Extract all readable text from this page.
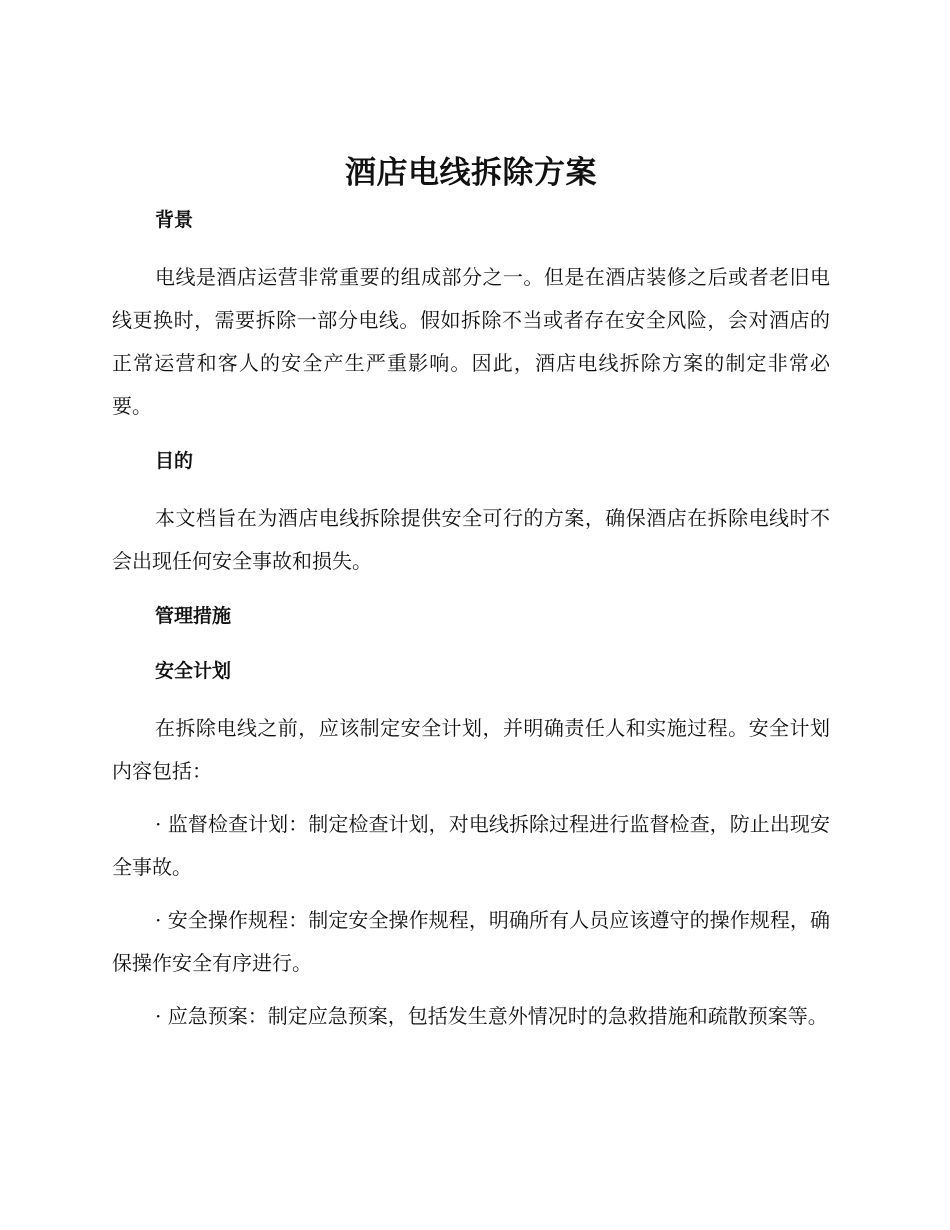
酒店电线拆除方案
背景

电线是酒店运营非常重要的组成部分之一。但是在酒店装修之后或者老旧电线更换时，需要拆除一部分电线。假如拆除不当或者存在安全风险，会对酒店的正常运营和客人的安全产生严重影响。因此，酒店电线拆除方案的制定非常必要。

目的

本文档旨在为酒店电线拆除提供安全可行的方案，确保酒店在拆除电线时不会出现任何安全事故和损失。

管理措施
安全计划

在拆除电线之前，应该制定安全计划，并明确责任人和实施过程。安全计划内容包括：

· 监督检查计划：制定检查计划，对电线拆除过程进行监督检查，防止出现安全事故。

· 安全操作规程：制定安全操作规程，明确所有人员应该遵守的操作规程，确保操作安全有序进行。

· 应急预案：制定应急预案，包括发生意外情况时的急救措施和疏散预案等。
